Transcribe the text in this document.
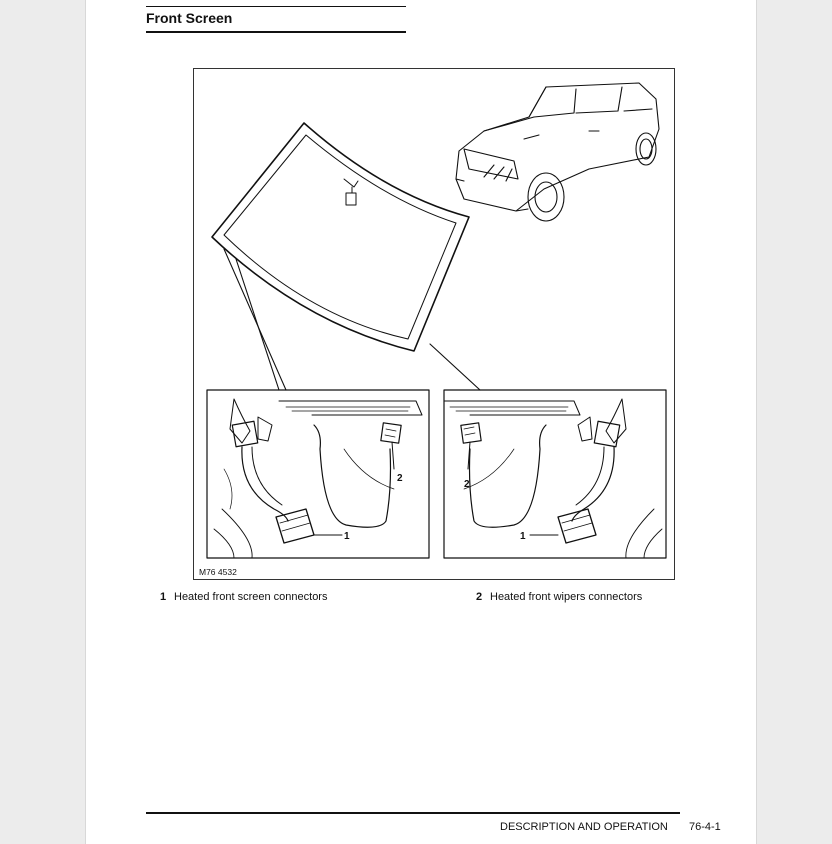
Front Screen
1
2
1
2
M76 4532
1 Heated front screen connectors	2 Heated front wipers connectors
DESCRIPTION AND OPERATION 76-4-1
